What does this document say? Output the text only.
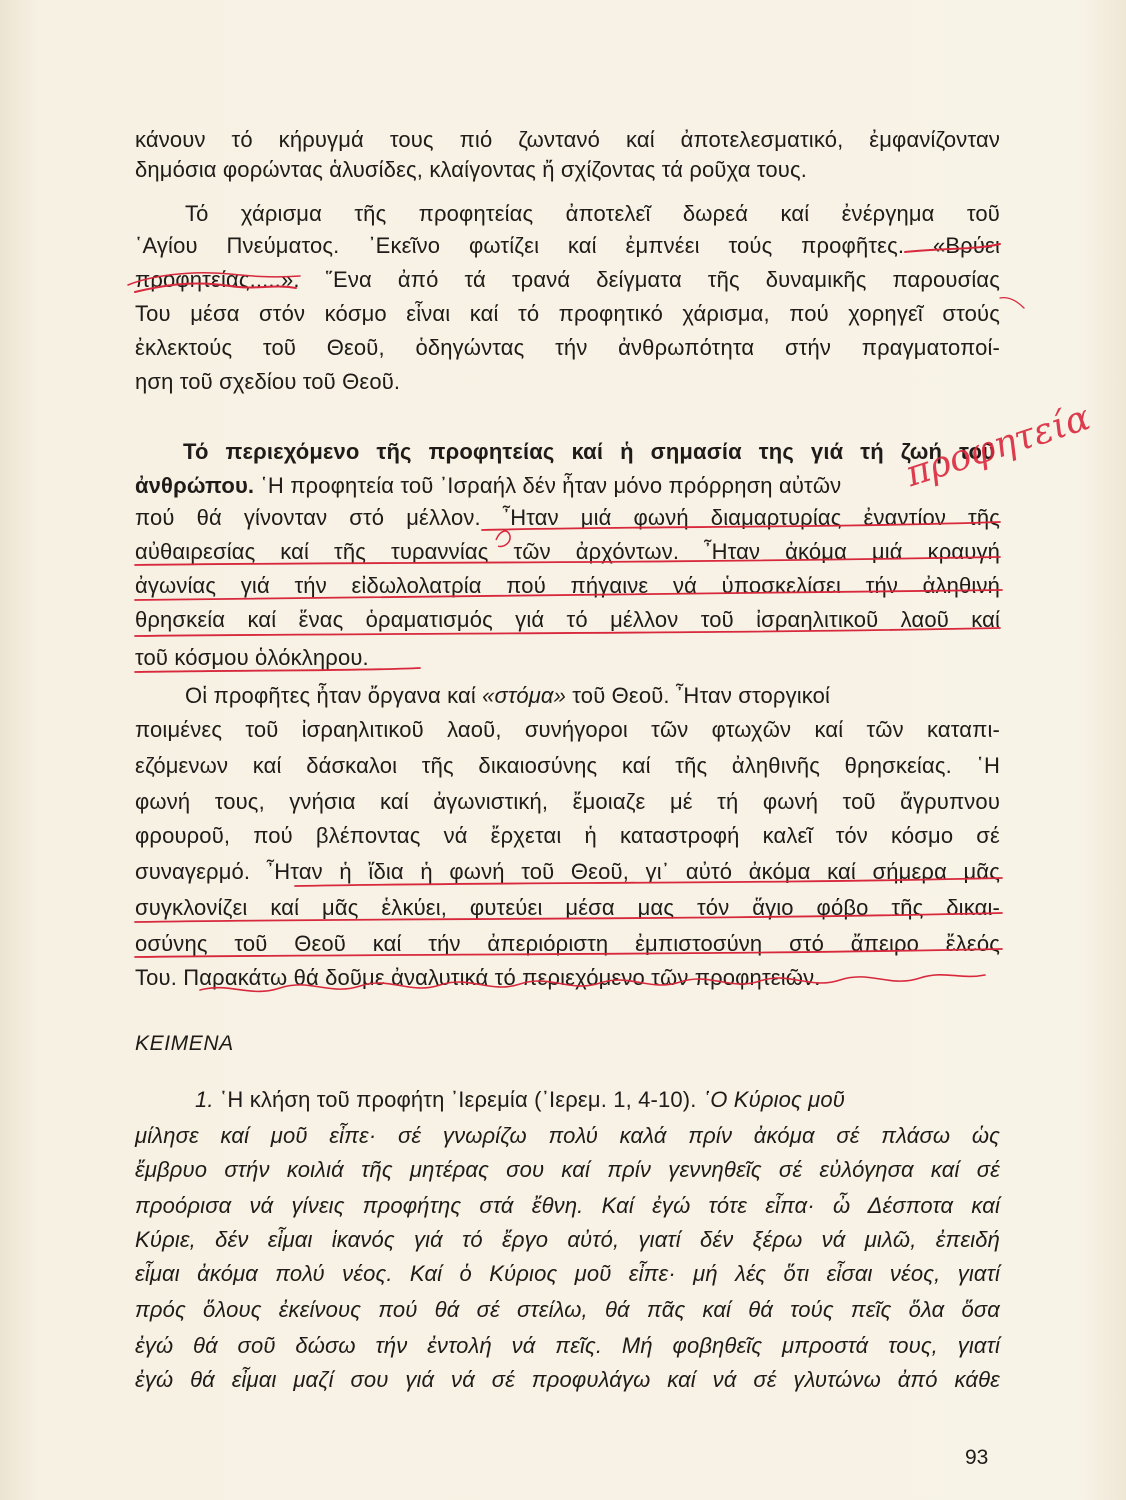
κάνουν τό κήρυγμά τους πιό ζωντανό καί ἀποτελεσματικό, ἐμφανίζονταν
δημόσια φορώντας ἁλυσίδες, κλαίγοντας ἤ σχίζοντας τά ροῦχα τους.
Τό χάρισμα τῆς προφητείας ἀποτελεῖ δωρεά καί ἐνέργημα τοῦ
῾Αγίου Πνεύματος. ᾽Εκεῖνο φωτίζει καί ἐμπνέει τούς προφῆτες. «Βρύει
προφητείας.....». ῞Ενα ἀπό τά τρανά δείγματα τῆς δυναμικῆς παρουσίας
Του μέσα στόν κόσμο εἶναι καί τό προφητικό χάρισμα, πού χορηγεῖ στούς
ἐκλεκτούς τοῦ Θεοῦ, ὁδηγώντας τήν ἀνθρωπότητα στήν πραγματοποί-
ηση τοῦ σχεδίου τοῦ Θεοῦ.
Τό περιεχόμενο τῆς προφητείας καί ἡ σημασία της γιά τή ζωή τοῦ
ἀνθρώπου. ῾Η προφητεία τοῦ ᾽Ισραήλ δέν ἦταν μόνο πρόρρηση αὐτῶν
πού θά γίνονταν στό μέλλον. ῏Ηταν μιά φωνή διαμαρτυρίας ἐναντίον τῆς
αὐθαιρεσίας καί τῆς τυραννίας τῶν ἀρχόντων. ῏Ηταν ἀκόμα μιά κραυγή
ἀγωνίας γιά τήν εἰδωλολατρία πού πήγαινε νά ὑποσκελίσει τήν ἀληθινή
θρησκεία καί ἕνας ὁραματισμός γιά τό μέλλον τοῦ ἰσραηλιτικοῦ λαοῦ καί
τοῦ κόσμου ὁλόκληρου.
Οἱ προφῆτες ἦταν ὄργανα καί «στόμα» τοῦ Θεοῦ. ῏Ηταν στοργικοί
ποιμένες τοῦ ἰσραηλιτικοῦ λαοῦ, συνήγοροι τῶν φτωχῶν καί τῶν καταπι-
εζόμενων καί δάσκαλοι τῆς δικαιοσύνης καί τῆς ἀληθινῆς θρησκείας. ῾Η
φωνή τους, γνήσια καί ἀγωνιστική, ἔμοιαζε μέ τή φωνή τοῦ ἄγρυπνου
φρουροῦ, πού βλέποντας νά ἔρχεται ἡ καταστροφή καλεῖ τόν κόσμο σέ
συναγερμό. ῏Ηταν ἡ ἴδια ἡ φωνή τοῦ Θεοῦ, γι᾽ αὐτό ἀκόμα καί σήμερα μᾶς
συγκλονίζει καί μᾶς ἑλκύει, φυτεύει μέσα μας τόν ἅγιο φόβο τῆς δικαι-
οσύνης τοῦ Θεοῦ καί τήν ἀπεριόριστη ἐμπιστοσύνη στό ἄπειρο ἔλεός
Του. Παρακάτω θά δοῦμε ἀναλυτικά τό περιεχόμενο τῶν προφητειῶν.
ΚΕΙΜΕΝΑ
1. ῾Η κλήση τοῦ προφήτη ᾽Ιερεμία (᾽Ιερεμ. 1, 4-10). ῾Ο Κύριος μοῦ
μίλησε καί μοῦ εἶπε· σέ γνωρίζω πολύ καλά πρίν ἀκόμα σέ πλάσω ὡς
ἔμβρυο στήν κοιλιά τῆς μητέρας σου καί πρίν γεννηθεῖς σέ εὐλόγησα καί σέ
προόρισα νά γίνεις προφήτης στά ἔθνη. Καί ἐγώ τότε εἶπα· ὦ Δέσποτα καί
Κύριε, δέν εἶμαι ἱκανός γιά τό ἔργο αὐτό, γιατί δέν ξέρω νά μιλῶ, ἐπειδή
εἶμαι ἀκόμα πολύ νέος. Καί ὁ Κύριος μοῦ εἶπε· μή λές ὅτι εἶσαι νέος, γιατί
πρός ὅλους ἐκείνους πού θά σέ στείλω, θά πᾶς καί θά τούς πεῖς ὅλα ὅσα
ἐγώ θά σοῦ δώσω τήν ἐντολή νά πεῖς. Μή φοβηθεῖς μπροστά τους, γιατί
ἐγώ θά εἶμαι μαζί σου γιά νά σέ προφυλάγω καί νά σέ γλυτώνω ἀπό κάθε
93
προφητεία
